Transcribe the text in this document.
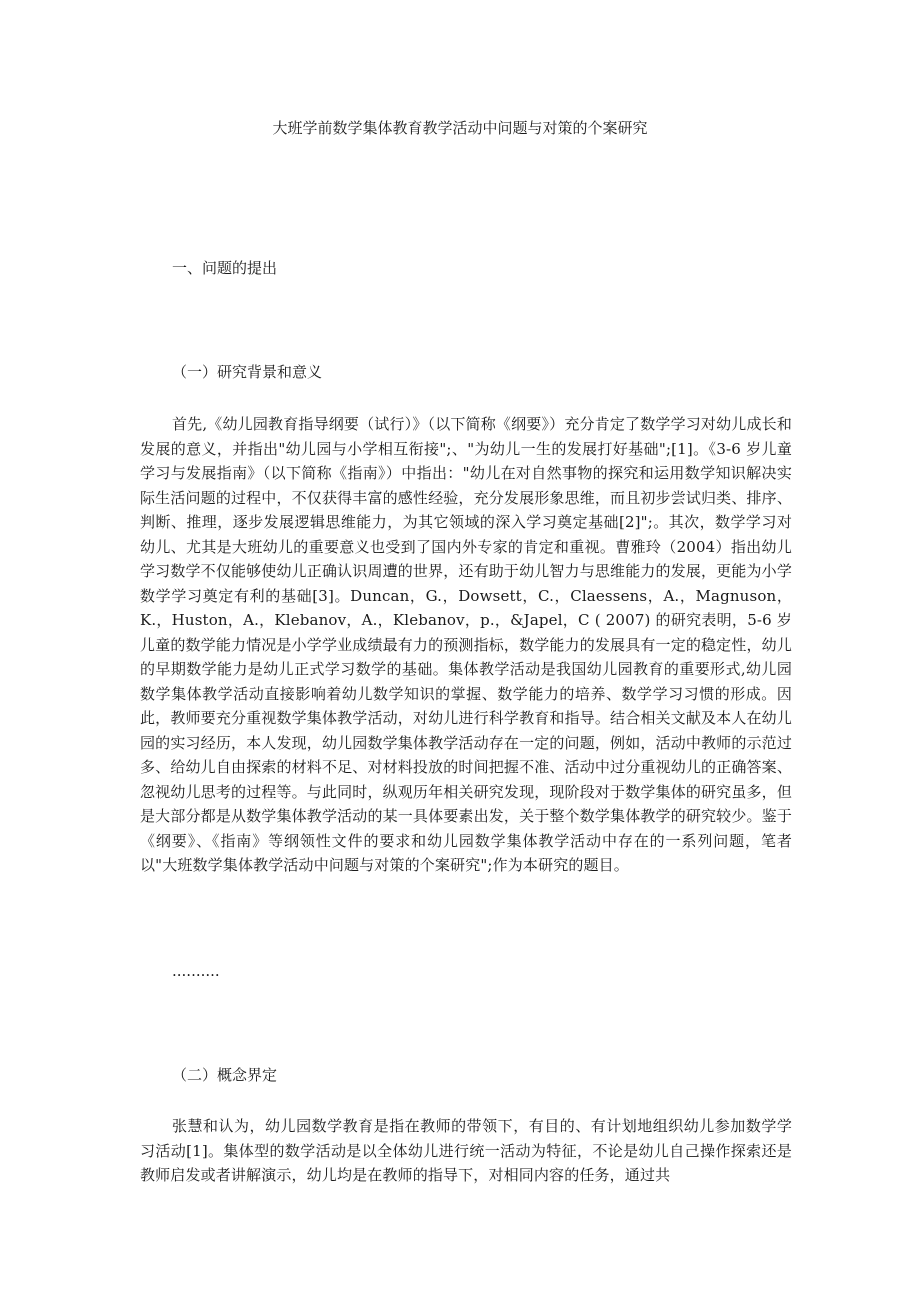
大班学前数学集体教育教学活动中问题与对策的个案研究
一、问题的提出
（一）研究背景和意义
首先,《幼儿园教育指导纲要（试行）》（以下简称《纲要》）充分肯定了数学学习对幼儿成长和发展的意义，并指出"幼儿园与小学相互衔接";、"为幼儿一生的发展打好基础";[1]。《3-6 岁儿童学习与发展指南》（以下简称《指南》）中指出："幼儿在对自然事物的探究和运用数学知识解决实际生活问题的过程中，不仅获得丰富的感性经验，充分发展形象思维，而且初步尝试归类、排序、判断、推理，逐步发展逻辑思维能力，为其它领域的深入学习奠定基础[2]";。其次，数学学习对幼儿、尤其是大班幼儿的重要意义也受到了国内外专家的肯定和重视。曹雅玲（2004）指出幼儿学习数学不仅能够使幼儿正确认识周遭的世界，还有助于幼儿智力与思维能力的发展，更能为小学数学学习奠定有利的基础[3]。Duncan，G.，Dowsett，C.，Claessens，A.，Magnuson，K.，Huston，A.，Klebanov，A.，Klebanov，p.，&Japel，C ( 2007) 的研究表明，5-6 岁儿童的数学能力情况是小学学业成绩最有力的预测指标，数学能力的发展具有一定的稳定性，幼儿的早期数学能力是幼儿正式学习数学的基础。集体教学活动是我国幼儿园教育的重要形式,幼儿园数学集体教学活动直接影响着幼儿数学知识的掌握、数学能力的培养、数学学习习惯的形成。因此，教师要充分重视数学集体教学活动，对幼儿进行科学教育和指导。结合相关文献及本人在幼儿园的实习经历，本人发现，幼儿园数学集体教学活动存在一定的问题，例如，活动中教师的示范过多、给幼儿自由探索的材料不足、对材料投放的时间把握不准、活动中过分重视幼儿的正确答案、忽视幼儿思考的过程等。与此同时，纵观历年相关研究发现，现阶段对于数学集体的研究虽多，但是大部分都是从数学集体教学活动的某一具体要素出发，关于整个数学集体教学的研究较少。鉴于《纲要》、《指南》等纲领性文件的要求和幼儿园数学集体教学活动中存在的一系列问题，笔者以"大班数学集体教学活动中问题与对策的个案研究";作为本研究的题目。
..........
（二）概念界定
张慧和认为，幼儿园数学教育是指在教师的带领下，有目的、有计划地组织幼儿参加数学学习活动[1]。集体型的数学活动是以全体幼儿进行统一活动为特征，不论是幼儿自己操作探索还是教师启发或者讲解演示，幼儿均是在教师的指导下，对相同内容的任务，通过共
